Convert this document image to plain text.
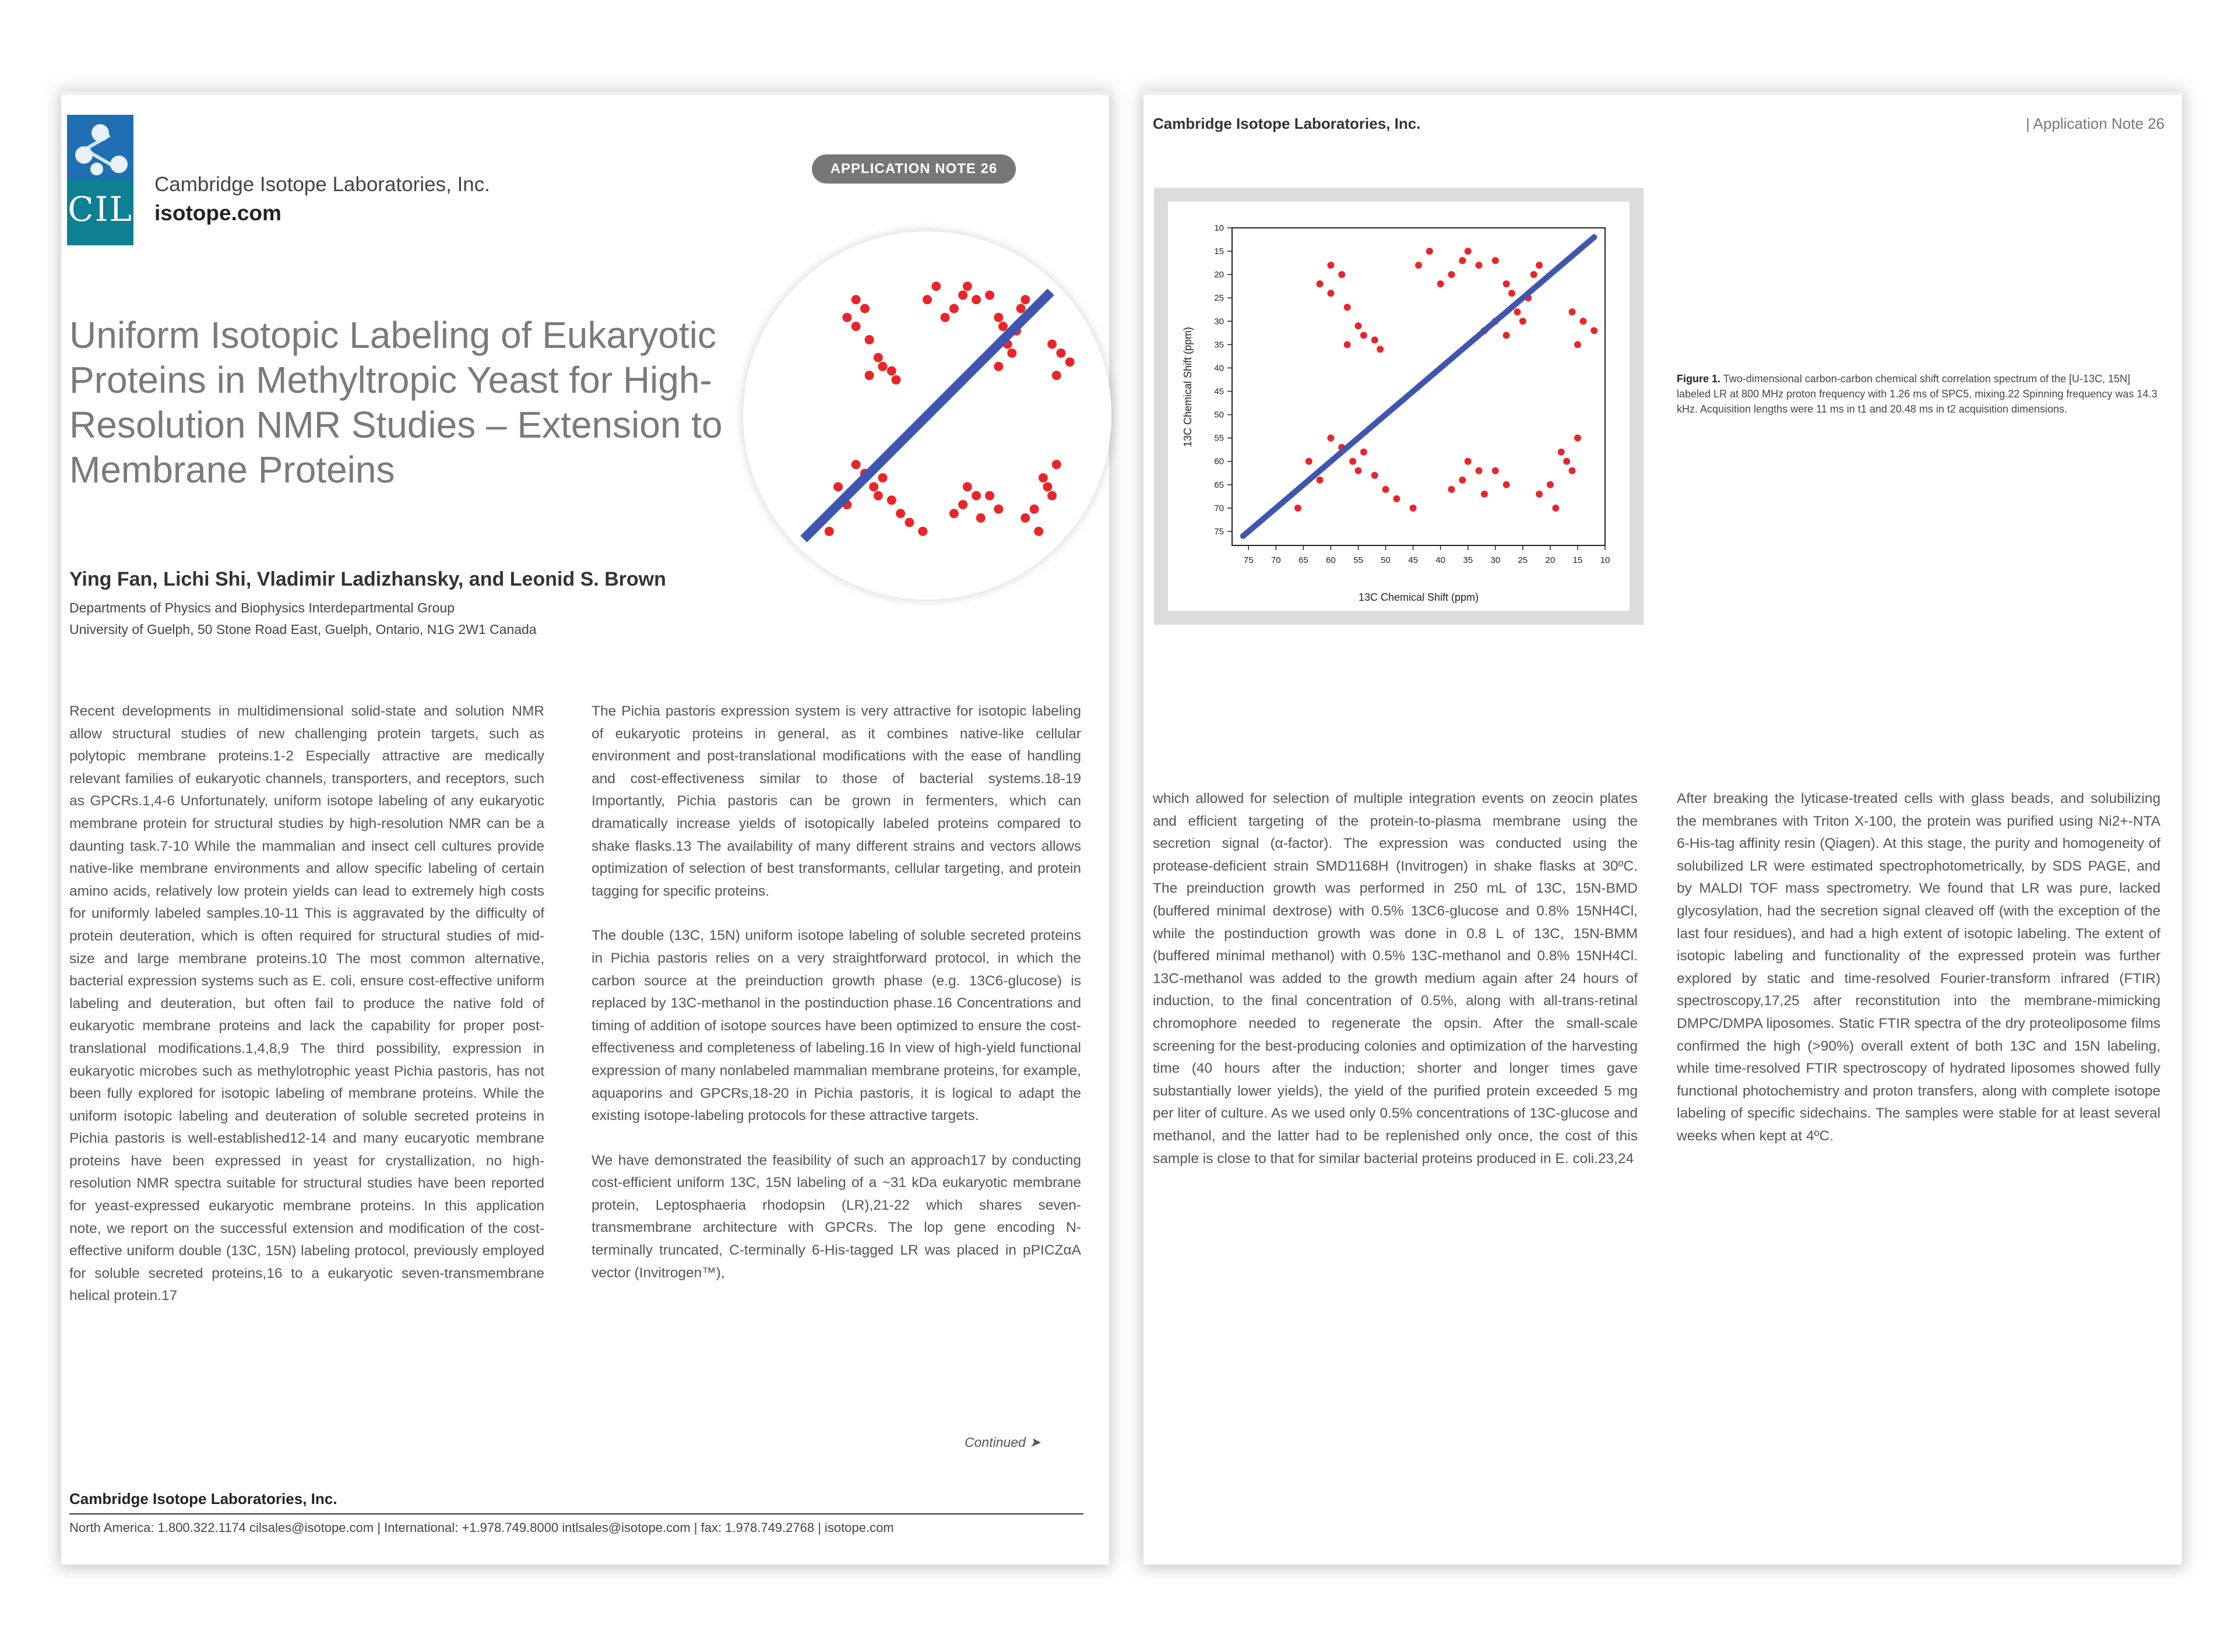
CIL
Cambridge Isotope Laboratories, Inc.
isotope.com
APPLICATION NOTE 26
Uniform Isotopic Labeling of Eukaryotic Proteins in Methyltropic Yeast for High-Resolution NMR Studies – Extension to Membrane Proteins
Ying Fan, Lichi Shi, Vladimir Ladizhansky, and Leonid S. Brown
Departments of Physics and Biophysics Interdepartmental Group
University of Guelph, 50 Stone Road East, Guelph, Ontario, N1G 2W1 Canada

Recent developments in multidimensional solid-state and solution NMR allow structural studies of new challenging protein targets, such as polytopic membrane proteins.1-2 Especially attractive are medically relevant families of eukaryotic channels, transporters, and receptors, such as GPCRs.1,4-6 Unfortunately, uniform isotope labeling of any eukaryotic membrane protein for structural studies by high-resolution NMR can be a daunting task.7-10 While the mammalian and insect cell cultures provide native-like membrane environments and allow specific labeling of certain amino acids, relatively low protein yields can lead to extremely high costs for uniformly labeled samples.10-11 This is aggravated by the difficulty of protein deuteration, which is often required for structural studies of mid-size and large membrane proteins.10 The most common alternative, bacterial expression systems such as E. coli, ensure cost-effective uniform labeling and deuteration, but often fail to produce the native fold of eukaryotic membrane proteins and lack the capability for proper post-translational modifications.1,4,8,9 The third possibility, expression in eukaryotic microbes such as methylotrophic yeast Pichia pastoris, has not been fully explored for isotopic labeling of membrane proteins. While the uniform isotopic labeling and deuteration of soluble secreted proteins in Pichia pastoris is well-established12-14 and many eucaryotic membrane proteins have been expressed in yeast for crystallization, no high-resolution NMR spectra suitable for structural studies have been reported for yeast-expressed eukaryotic membrane proteins. In this application note, we report on the successful extension and modification of the cost-effective uniform double (13C, 15N) labeling protocol, previously employed for soluble secreted proteins,16 to a eukaryotic seven-transmembrane helical protein.17

The Pichia pastoris expression system is very attractive for isotopic labeling of eukaryotic proteins in general, as it combines native-like cellular environment and post-translational modifications with the ease of handling and cost-effectiveness similar to those of bacterial systems.18-19 Importantly, Pichia pastoris can be grown in fermenters, which can dramatically increase yields of isotopically labeled proteins compared to shake flasks.13 The availability of many different strains and vectors allows optimization of selection of best transformants, cellular targeting, and protein tagging for specific proteins.

The double (13C, 15N) uniform isotope labeling of soluble secreted proteins in Pichia pastoris relies on a very straightforward protocol, in which the carbon source at the preinduction growth phase (e.g. 13C6-glucose) is replaced by 13C-methanol in the postinduction phase.16 Concentrations and timing of addition of isotope sources have been optimized to ensure the cost-effectiveness and completeness of labeling.16 In view of high-yield functional expression of many nonlabeled mammalian membrane proteins, for example, aquaporins and GPCRs,18-20 in Pichia pastoris, it is logical to adapt the existing isotope-labeling protocols for these attractive targets.

We have demonstrated the feasibility of such an approach17 by conducting cost-efficient uniform 13C, 15N labeling of a ~31 kDa eukaryotic membrane protein, Leptosphaeria rhodopsin (LR),21-22 which shares seven-transmembrane architecture with GPCRs. The lop gene encoding N-terminally truncated, C-terminally 6-His-tagged LR was placed in pPICZαA vector (Invitrogen™),

Continued ➤
Cambridge Isotope Laboratories, Inc.
North America: 1.800.322.1174 cilsales@isotope.com | International: +1.978.749.8000 intlsales@isotope.com | fax: 1.978.749.2768 | isotope.com
Cambridge Isotope Laboratories, Inc.	| Application Note 26
13C Chemical Shift (ppm)
13C Chemical Shift (ppm)
75 70 65 60 55 50 45 40 35 30 25 20 15 10
10
15
20
25
30
35
40
45
50
55
60
65
70
75
Figure 1. Two-dimensional carbon-carbon chemical shift correlation spectrum of the [U-13C, 15N] labeled LR at 800 MHz proton frequency with 1.26 ms of SPC5, mixing.22 Spinning frequency was 14.3 kHz. Acquisition lengths were 11 ms in t1 and 20.48 ms in t2 acquisition dimensions.

which allowed for selection of multiple integration events on zeocin plates and efficient targeting of the protein-to-plasma membrane using the secretion signal (α-factor). The expression was conducted using the protease-deficient strain SMD1168H (Invitrogen) in shake flasks at 30ºC. The preinduction growth was performed in 250 mL of 13C, 15N-BMD (buffered minimal dextrose) with 0.5% 13C6-glucose and 0.8% 15NH4Cl, while the postinduction growth was done in 0.8 L of 13C, 15N-BMM (buffered minimal methanol) with 0.5% 13C-methanol and 0.8% 15NH4Cl. 13C-methanol was added to the growth medium again after 24 hours of induction, to the final concentration of 0.5%, along with all-trans-retinal chromophore needed to regenerate the opsin. After the small-scale screening for the best-producing colonies and optimization of the harvesting time (40 hours after the induction; shorter and longer times gave substantially lower yields), the yield of the purified protein exceeded 5 mg per liter of culture. As we used only 0.5% concentrations of 13C-glucose and methanol, and the latter had to be replenished only once, the cost of this sample is close to that for similar bacterial proteins produced in E. coli.23,24

After breaking the lyticase-treated cells with glass beads, and solubilizing the membranes with Triton X-100, the protein was purified using Ni2+-NTA 6-His-tag affinity resin (Qiagen). At this stage, the purity and homogeneity of solubilized LR were estimated spectrophotometrically, by SDS PAGE, and by MALDI TOF mass spectrometry. We found that LR was pure, lacked glycosylation, had the secretion signal cleaved off (with the exception of the last four residues), and had a high extent of isotopic labeling. The extent of isotopic labeling and functionality of the expressed protein was further explored by static and time-resolved Fourier-transform infrared (FTIR) spectroscopy,17,25 after reconstitution into the membrane-mimicking DMPC/DMPA liposomes. Static FTIR spectra of the dry proteoliposome films confirmed the high (>90%) overall extent of both 13C and 15N labeling, while time-resolved FTIR spectroscopy of hydrated liposomes showed fully functional photochemistry and proton transfers, along with complete isotope labeling of specific sidechains. The samples were stable for at least several weeks when kept at 4ºC.
